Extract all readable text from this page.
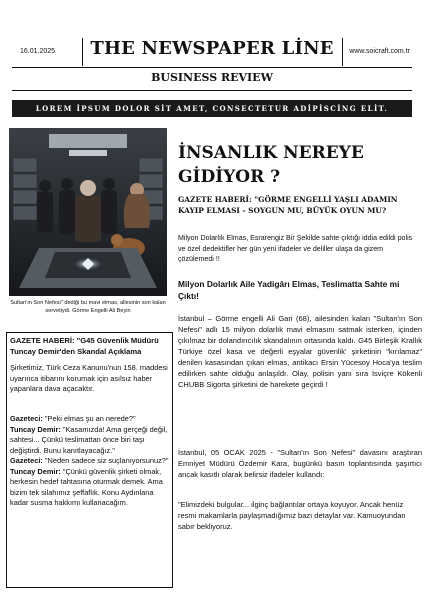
16.01.2025	THE NEWSPAPER LİNE	www.soicraft.com.tr
BUSINESS REVIEW
LOREM İPSUM DOLOR SİT AMET, CONSECTETUR ADİPİSCİNG ELİT.
Sultan'ın Son Nefesi" dediği bu mavi elmas, allesinin son kalan servetiydi. Görme Engelli Ali Beyin
İNSANLIK NEREYE GİDİYOR ?
GAZETE HABERİ: "GÖRME ENGELLİ YAŞLI ADAMIN KAYIP ELMASI - SOYGUN MU, BÜYÜK OYUN MU?
Milyon Dolarlık Elmas, Esrarengiz Bir Şekilde sahte çıktığı iddia edildi polis ve özel dedektifler her gün yeni ifadeler ve deliller ulaşa da gizem çözülemedi !!
Milyon Dolarlık Aile Yadigârı Elmas, Teslimatta Sahte mi Çıktı!
İstanbul – Görme engelli Ali Gari (68), ailesinden kalan "Sultan'ın Son Nefesi" adlı 15 milyon dolarlık mavi elmasını satmak isterken, içinden çıkılmaz bir dolandırıcılık skandalının ortasında kaldı. G45 Birleşik Krallık Türkiye özel kasa ve değerli eşyalar güvenlik' şirketinin "kırılamaz" denilen kasasından çıkan elmas, antikacı Ersin Yücesoy Hoca'ya teslim edilirken sahte olduğu anlaşıldı. Olay, polisin yanı sıra İsviçre Kökenli CHUBB Sigorta şirketini de harekete geçirdi !
İstanbul, 05 OCAK 2025 - "Sultan'ın Son Nefesi" davasını araştıran Emniyet Müdürü Özdemir Kara, bugünkü basın toplantısında şaşırtıcı ancak kasıtlı olarak belirsiz ifadeler kullandı:
"Elimizdeki bulgular... ilginç bağlantılar ortaya koyuyor. Ancak henüz resmi makamlarla paylaşmadığımız bazı detaylar var. Kamuoyundan sabır bekliyoruz.
GAZETE HABERİ: "G45 Güvenlik Müdürü Tuncay Demir'den Skandal Açıklama
Şirketimiz, Türk Ceza Kanunu'nun 158. maddesi uyarınca itibarını korumak için asılsız haber yapanlara dava açacaktır.

Gazeteci: "Peki elmas şu an nerede?"

Tuncay Demir: "Kasamızda! Ama gerçeği değil, sahtesi... Çünkü teslimattan önce biri taşı değiştirdi. Bunu kanıtlayacağız."

Gazeteci: "Neden sadece siz suçlanıyorsunuz?"

Tuncay Demir: "Çünkü güvenlik şirketi olmak, herkesin hedef tahtasına oturmak demek. Ama bizim tek silahımız şeffaflık. Konu Aydınlana kadar susma hakkımı kullanacağım.
